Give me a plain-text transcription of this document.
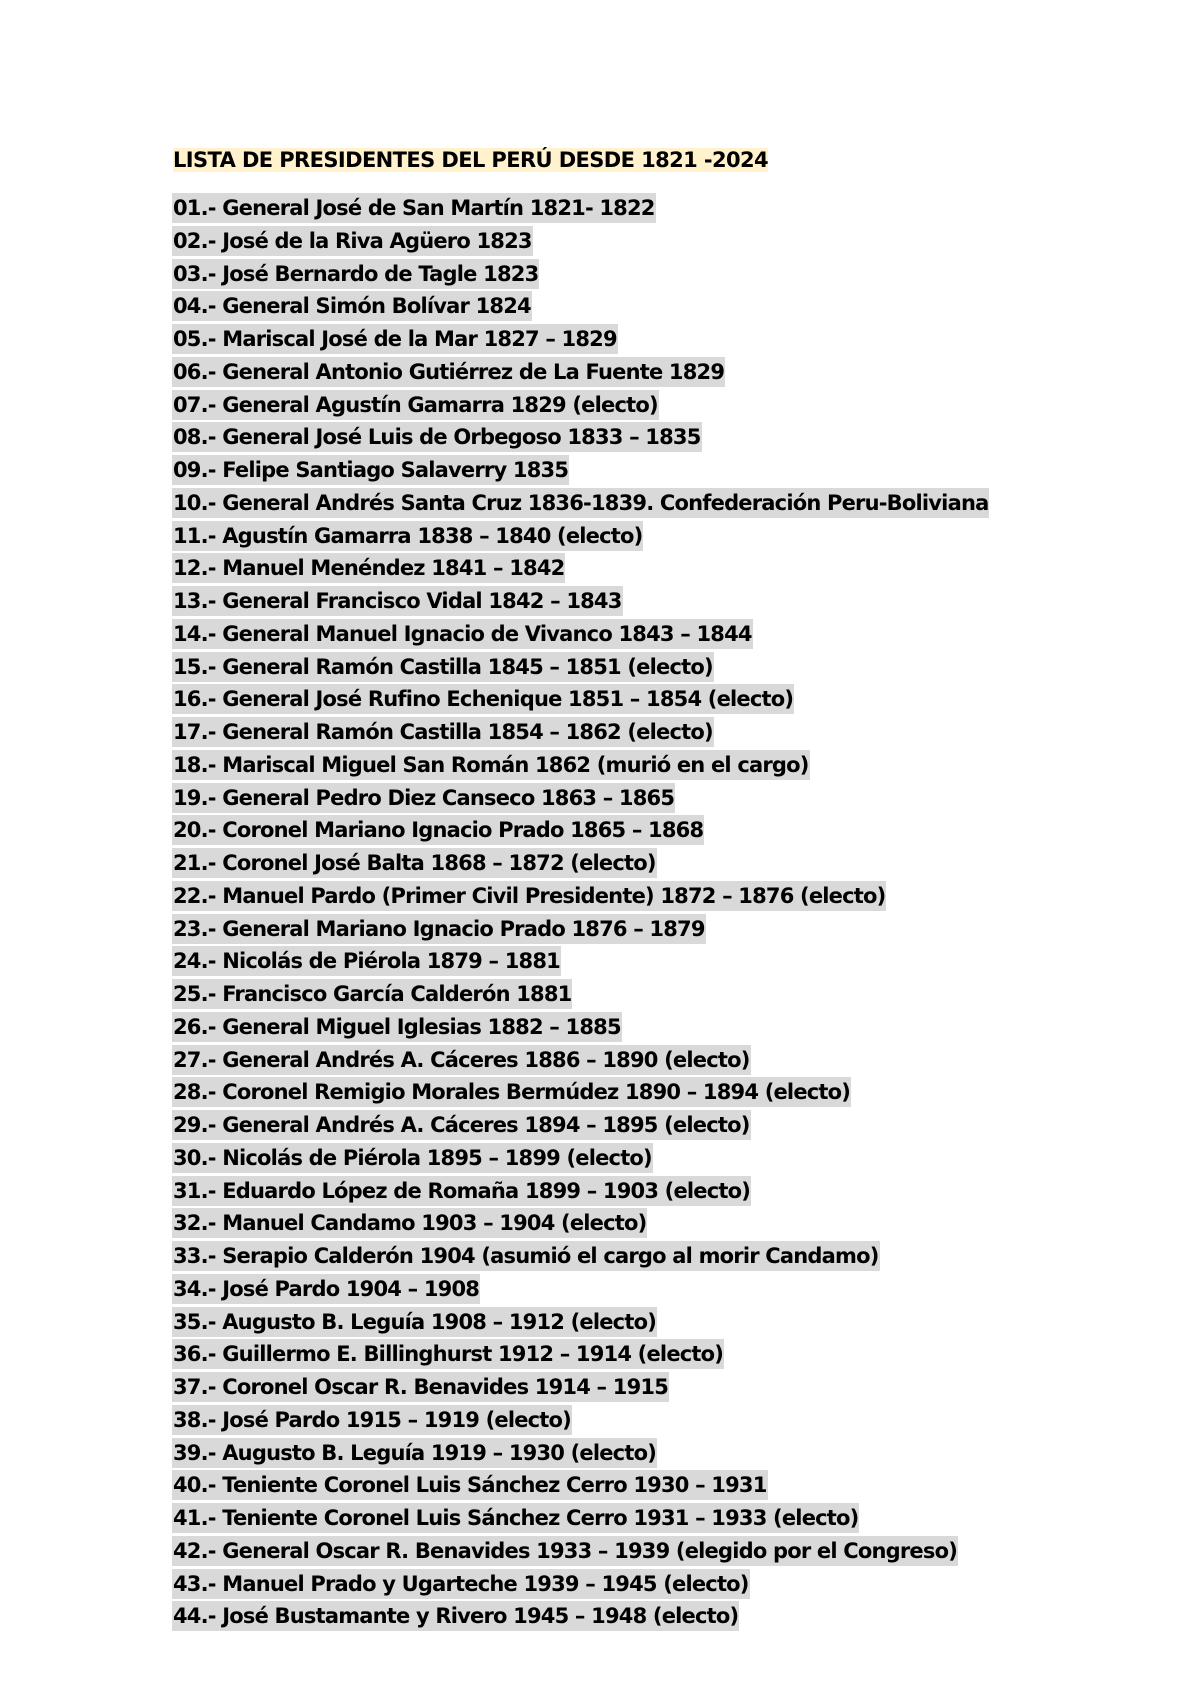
LISTA DE PRESIDENTES DEL PERÚ DESDE 1821 -2024
01.- General José de San Martín 1821- 1822
02.- José de la Riva Agüero 1823
03.- José Bernardo de Tagle 1823
04.- General Simón Bolívar 1824
05.- Mariscal José de la Mar 1827 – 1829
06.- General Antonio Gutiérrez de La Fuente 1829
07.- General Agustín Gamarra 1829 (electo)
08.- General José Luis de Orbegoso 1833 – 1835
09.- Felipe Santiago Salaverry 1835
10.- General Andrés Santa Cruz 1836-1839. Confederación Peru-Boliviana
11.- Agustín Gamarra 1838 – 1840 (electo)
12.- Manuel Menéndez 1841 – 1842
13.- General Francisco Vidal 1842 – 1843
14.- General Manuel Ignacio de Vivanco 1843 – 1844
15.- General Ramón Castilla 1845 – 1851 (electo)
16.- General José Rufino Echenique 1851 – 1854 (electo)
17.- General Ramón Castilla 1854 – 1862 (electo)
18.- Mariscal Miguel San Román 1862 (murió en el cargo)
19.- General Pedro Diez Canseco 1863 – 1865
20.- Coronel Mariano Ignacio Prado 1865 – 1868
21.- Coronel José Balta 1868 – 1872 (electo)
22.- Manuel Pardo (Primer Civil Presidente) 1872 – 1876 (electo)
23.- General Mariano Ignacio Prado 1876 – 1879
24.- Nicolás de Piérola 1879 – 1881
25.- Francisco García Calderón 1881
26.- General Miguel Iglesias 1882 – 1885
27.- General Andrés A. Cáceres 1886 – 1890 (electo)
28.- Coronel Remigio Morales Bermúdez 1890 – 1894 (electo)
29.- General Andrés A. Cáceres 1894 – 1895 (electo)
30.- Nicolás de Piérola 1895 – 1899 (electo)
31.- Eduardo López de Romaña 1899 – 1903 (electo)
32.- Manuel Candamo 1903 – 1904 (electo)
33.- Serapio Calderón 1904 (asumió el cargo al morir Candamo)
34.- José Pardo 1904 – 1908
35.- Augusto B. Leguía 1908 – 1912 (electo)
36.- Guillermo E. Billinghurst 1912 – 1914 (electo)
37.- Coronel Oscar R. Benavides 1914 – 1915
38.- José Pardo 1915 – 1919 (electo)
39.- Augusto B. Leguía 1919 – 1930 (electo)
40.- Teniente Coronel Luis Sánchez Cerro 1930 – 1931
41.- Teniente Coronel Luis Sánchez Cerro 1931 – 1933 (electo)
42.- General Oscar R. Benavides 1933 – 1939 (elegido por el Congreso)
43.- Manuel Prado y Ugarteche 1939 – 1945 (electo)
44.- José Bustamante y Rivero 1945 – 1948 (electo)
